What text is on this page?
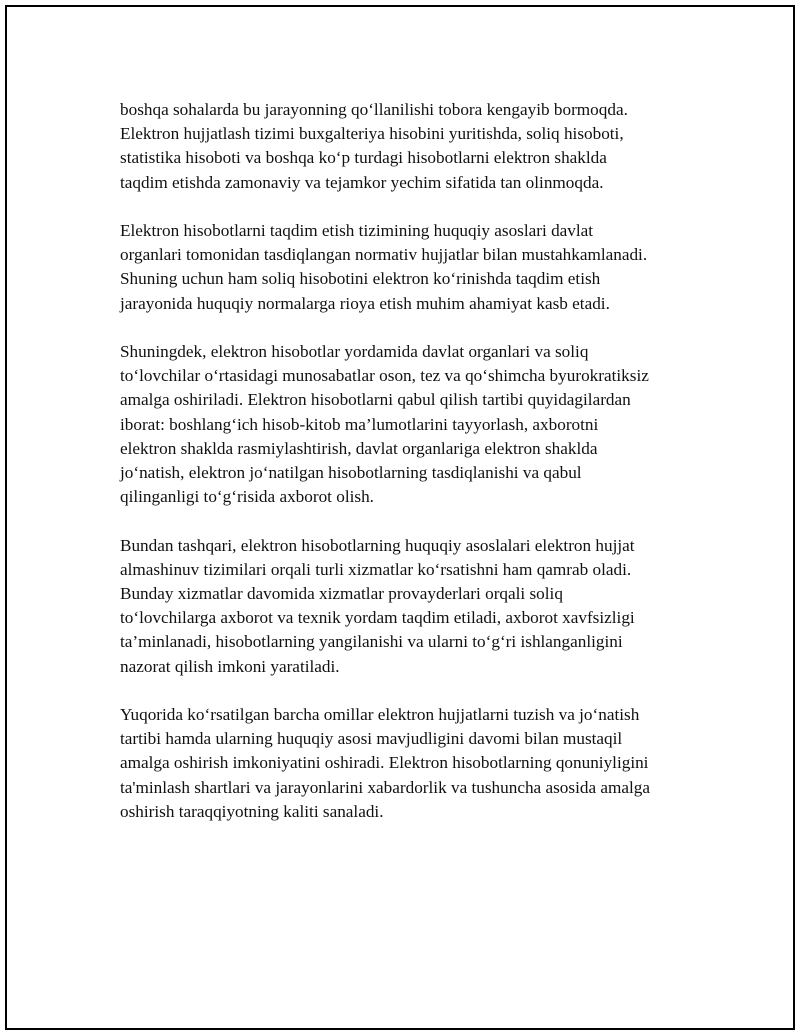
boshqa sohalarda bu jarayonning qo‘llanilishi tobora kengayib bormoqda.
Elektron hujjatlash tizimi buxgalteriya hisobini yuritishda, soliq hisoboti,
statistika hisoboti va boshqa ko‘p turdagi hisobotlarni elektron shaklda
taqdim etishda zamonaviy va tejamkor yechim sifatida tan olinmoqda.

Elektron hisobotlarni taqdim etish tizimining huquqiy asoslari davlat
organlari tomonidan tasdiqlangan normativ hujjatlar bilan mustahkamlanadi.
Shuning uchun ham soliq hisobotini elektron ko‘rinishda taqdim etish
jarayonida huquqiy normalarga rioya etish muhim ahamiyat kasb etadi.

Shuningdek, elektron hisobotlar yordamida davlat organlari va soliq
to‘lovchilar o‘rtasidagi munosabatlar oson, tez va qo‘shimcha byurokratiksiz
amalga oshiriladi. Elektron hisobotlarni qabul qilish tartibi quyidagilardan
iborat: boshlang‘ich hisob-kitob ma’lumotlarini tayyorlash, axborotni
elektron shaklda rasmiylashtirish, davlat organlariga elektron shaklda
jo‘natish, elektron jo‘natilgan hisobotlarning tasdiqlanishi va qabul
qilinganligi to‘g‘risida axborot olish.

Bundan tashqari, elektron hisobotlarning huquqiy asoslalari elektron hujjat
almashinuv tizimilari orqali turli xizmatlar ko‘rsatishni ham qamrab oladi.
Bunday xizmatlar davomida xizmatlar provayderlari orqali soliq
to‘lovchilarga axborot va texnik yordam taqdim etiladi, axborot xavfsizligi
ta’minlanadi, hisobotlarning yangilanishi va ularni to‘g‘ri ishlanganligini
nazorat qilish imkoni yaratiladi.

Yuqorida ko‘rsatilgan barcha omillar elektron hujjatlarni tuzish va jo‘natish
tartibi hamda ularning huquqiy asosi mavjudligini davomi bilan mustaqil
amalga oshirish imkoniyatini oshiradi. Elektron hisobotlarning qonuniyligini
ta'minlash shartlari va jarayonlarini xabardorlik va tushuncha asosida amalga
oshirish taraqqiyotning kaliti sanaladi.
